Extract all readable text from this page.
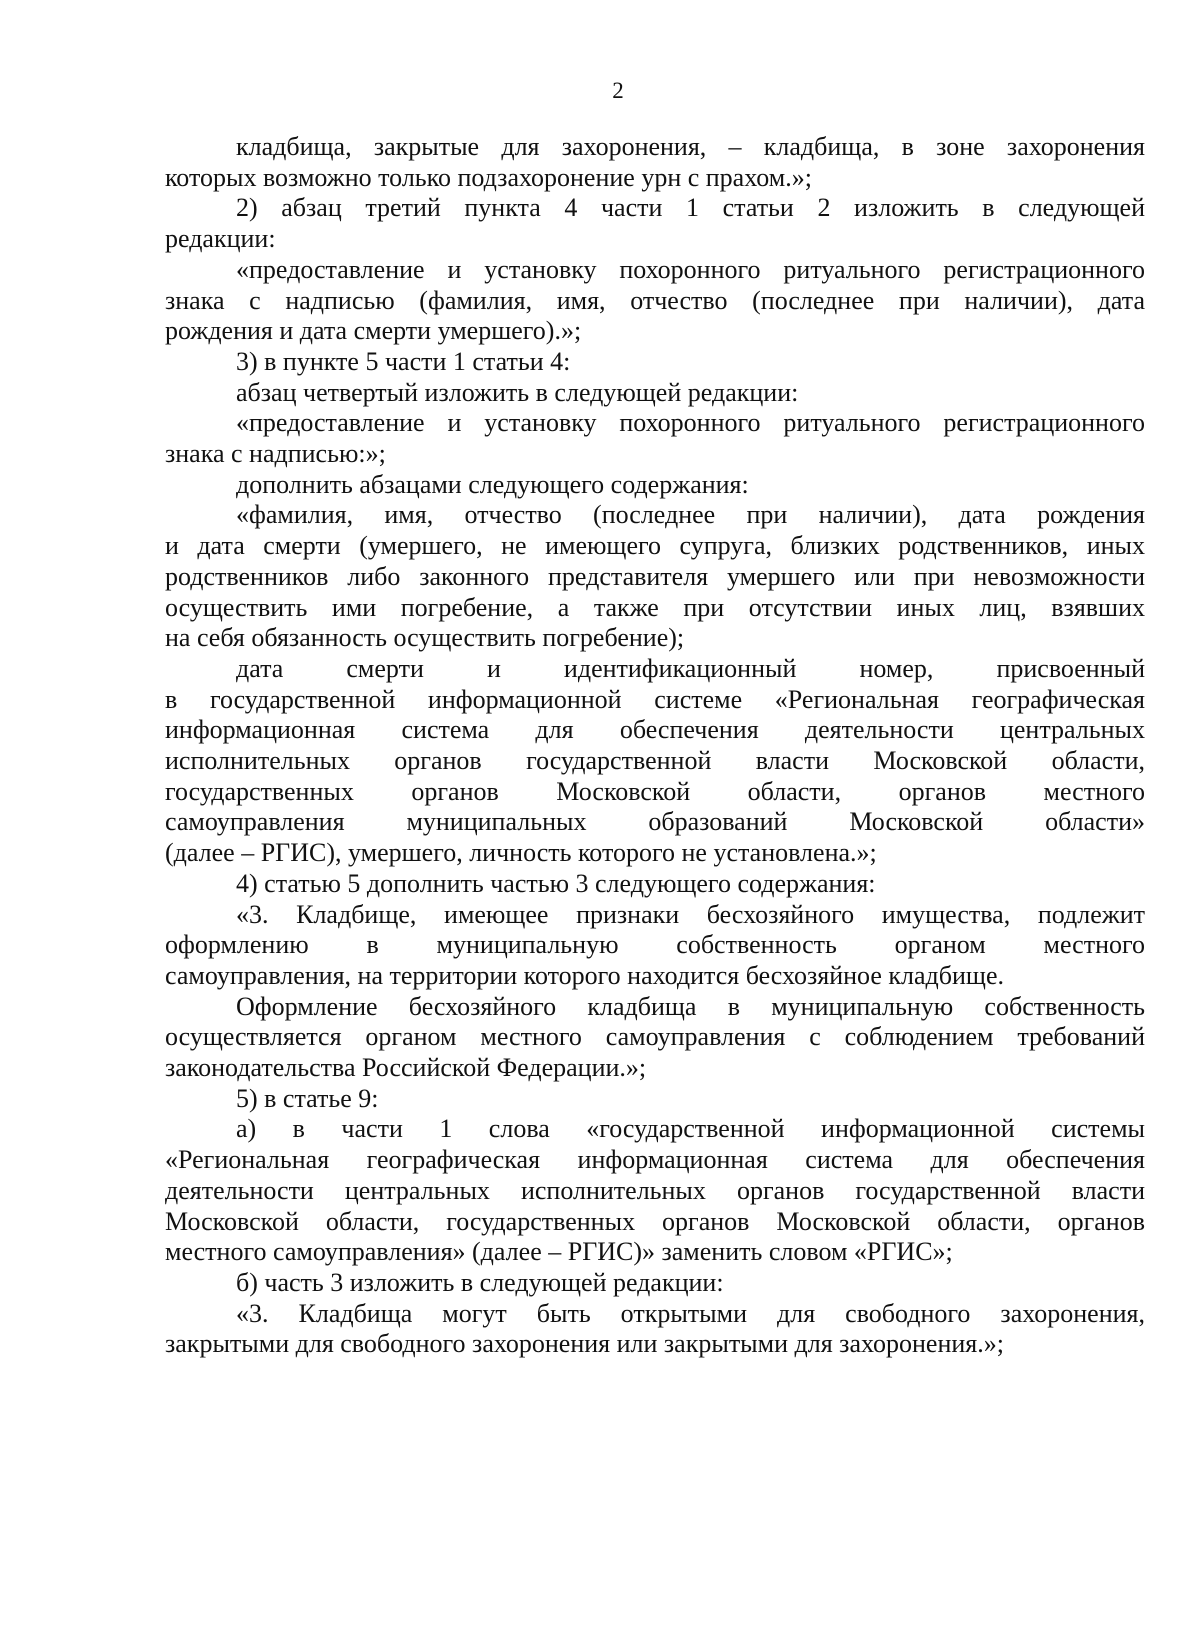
2
кладбища, закрытые для захоронения, – кладбища, в зоне захоронения
которых возможно только подзахоронение урн с прахом.»;
2) абзац третий пункта 4 части 1 статьи 2 изложить в следующей
редакции:
«предоставление и установку похоронного ритуального регистрационного
знака с надписью (фамилия, имя, отчество (последнее при наличии), дата
рождения и дата смерти умершего).»;
3) в пункте 5 части 1 статьи 4:
абзац четвертый изложить в следующей редакции:
«предоставление и установку похоронного ритуального регистрационного
знака с надписью:»;
дополнить абзацами следующего содержания:
«фамилия, имя, отчество (последнее при наличии), дата рождения
и дата смерти (умершего, не имеющего супруга, близких родственников, иных
родственников либо законного представителя умершего или при невозможности
осуществить ими погребение, а также при отсутствии иных лиц, взявших
на себя обязанность осуществить погребение);
дата смерти и идентификационный номер, присвоенный
в государственной информационной системе «Региональная географическая
информационная система для обеспечения деятельности центральных
исполнительных органов государственной власти Московской области,
государственных органов Московской области, органов местного
самоуправления муниципальных образований Московской области»
(далее – РГИС), умершего, личность которого не установлена.»;
4) статью 5 дополнить частью 3 следующего содержания:
«3. Кладбище, имеющее признаки бесхозяйного имущества, подлежит
оформлению в муниципальную собственность органом местного
самоуправления, на территории которого находится бесхозяйное кладбище.
Оформление бесхозяйного кладбища в муниципальную собственность
осуществляется органом местного самоуправления с соблюдением требований
законодательства Российской Федерации.»;
5) в статье 9:
а) в части 1 слова «государственной информационной системы
«Региональная географическая информационная система для обеспечения
деятельности центральных исполнительных органов государственной власти
Московской области, государственных органов Московской области, органов
местного самоуправления» (далее – РГИС)» заменить словом «РГИС»;
б) часть 3 изложить в следующей редакции:
«3. Кладбища могут быть открытыми для свободного захоронения,
закрытыми для свободного захоронения или закрытыми для захоронения.»;
